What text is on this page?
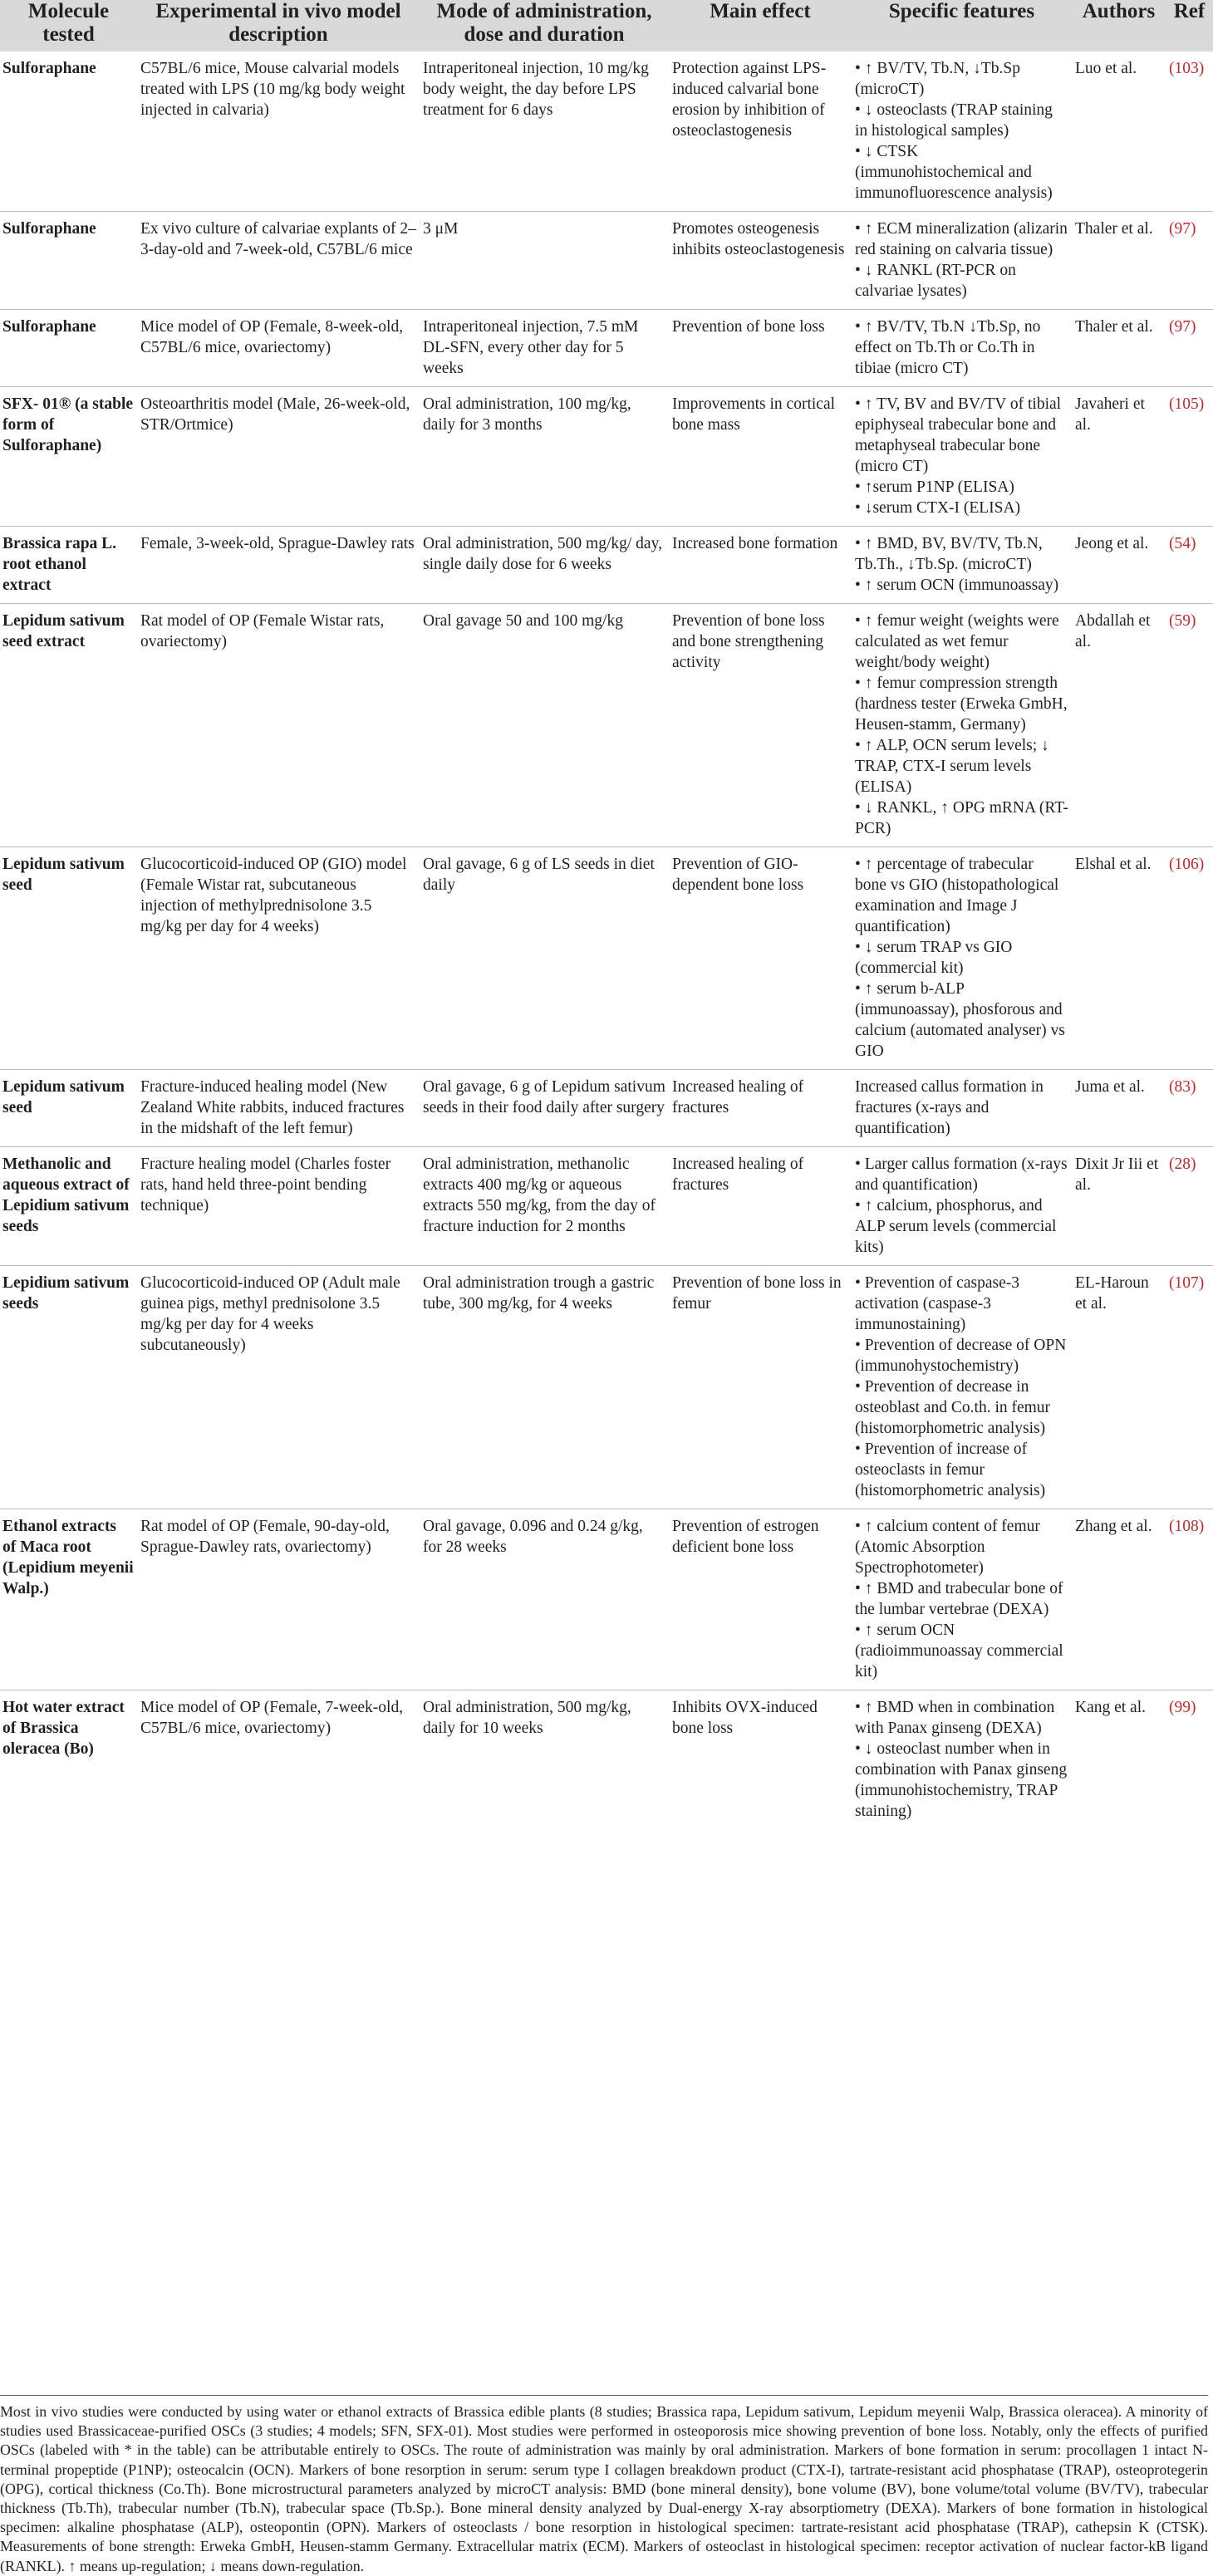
Molecule tested	Experimental in vivo model description	Mode of administration, dose and duration	Main effect	Specific features	Authors	Ref
Sulforaphane	C57BL/6 mice, Mouse calvarial models treated with LPS (10 mg/kg body weight injected in calvaria)	Intraperitoneal injection, 10 mg/kg body weight, the day before LPS treatment for 6 days	Protection against LPS-induced calvarial bone erosion by inhibition of osteoclastogenesis	• ↑ BV/TV, Tb.N, ↓Tb.Sp (microCT)
• ↓ osteoclasts (TRAP staining in histological samples)
• ↓ CTSK (immunohistochemical and immunofluorescence analysis)	Luo et al.	(103)
Sulforaphane	Ex vivo culture of calvariae explants of 2–3-day-old and 7-week-old, C57BL/6 mice	3 μM	Promotes osteogenesis inhibits osteoclastogenesis	• ↑ ECM mineralization (alizarin red staining on calvaria tissue)
• ↓ RANKL (RT-PCR on calvariae lysates)	Thaler et al.	(97)
Sulforaphane	Mice model of OP (Female, 8-week-old, C57BL/6 mice, ovariectomy)	Intraperitoneal injection, 7.5 mM DL-SFN, every other day for 5 weeks	Prevention of bone loss	• ↑ BV/TV, Tb.N ↓Tb.Sp, no effect on Tb.Th or Co.Th in tibiae (micro CT)	Thaler et al.	(97)
SFX- 01® (a stable form of Sulforaphane)	Osteoarthritis model (Male, 26-week-old, STR/Ortmice)	Oral administration, 100 mg/kg, daily for 3 months	Improvements in cortical bone mass	• ↑ TV, BV and BV/TV of tibial epiphyseal trabecular bone and metaphyseal trabecular bone (micro CT)
• ↑serum P1NP (ELISA)
• ↓serum CTX-I (ELISA)	Javaheri et al.	(105)
Brassica rapa L. root ethanol extract	Female, 3-week-old, Sprague-Dawley rats	Oral administration, 500 mg/kg/ day, single daily dose for 6 weeks	Increased bone formation	• ↑ BMD, BV, BV/TV, Tb.N, Tb.Th., ↓Tb.Sp. (microCT)
• ↑ serum OCN (immunoassay)	Jeong et al.	(54)
Lepidum sativum seed extract	Rat model of OP (Female Wistar rats, ovariectomy)	Oral gavage 50 and 100 mg/kg	Prevention of bone loss and bone strengthening activity	• ↑ femur weight (weights were calculated as wet femur weight/body weight)
• ↑ femur compression strength (hardness tester (Erweka GmbH, Heusen-stamm, Germany)
• ↑ ALP, OCN serum levels; ↓ TRAP, CTX-I serum levels (ELISA)
• ↓ RANKL, ↑ OPG mRNA (RT-PCR)	Abdallah et al.	(59)
Lepidum sativum seed	Glucocorticoid-induced OP (GIO) model (Female Wistar rat, subcutaneous injection of methylprednisolone 3.5 mg/kg per day for 4 weeks)	Oral gavage, 6 g of LS seeds in diet daily	Prevention of GIO-dependent bone loss	• ↑ percentage of trabecular bone vs GIO (histopathological examination and Image J quantification)
• ↓ serum TRAP vs GIO (commercial kit)
• ↑ serum b-ALP (immunoassay), phosforous and calcium (automated analyser) vs GIO	Elshal et al.	(106)
Lepidum sativum seed	Fracture-induced healing model (New Zealand White rabbits, induced fractures in the midshaft of the left femur)	Oral gavage, 6 g of Lepidum sativum seeds in their food daily after surgery	Increased healing of fractures	Increased callus formation in fractures (x-rays and quantification)	Juma et al.	(83)
Methanolic and aqueous extract of Lepidium sativum seeds	Fracture healing model (Charles foster rats, hand held three-point bending technique)	Oral administration, methanolic extracts 400 mg/kg or aqueous extracts 550 mg/kg, from the day of fracture induction for 2 months	Increased healing of fractures	• Larger callus formation (x-rays and quantification)
• ↑ calcium, phosphorus, and ALP serum levels (commercial kits)	Dixit Jr Iii et al.	(28)
Lepidium sativum seeds	Glucocorticoid-induced OP (Adult male guinea pigs, methyl prednisolone 3.5 mg/kg per day for 4 weeks subcutaneously)	Oral administration trough a gastric tube, 300 mg/kg, for 4 weeks	Prevention of bone loss in femur	• Prevention of caspase-3 activation (caspase-3 immunostaining)
• Prevention of decrease of OPN (immunohystochemistry)
• Prevention of decrease in osteoblast and Co.th. in femur (histomorphometric analysis)
• Prevention of increase of osteoclasts in femur (histomorphometric analysis)	EL-Haroun et al.	(107)
Ethanol extracts of Maca root (Lepidium meyenii Walp.)	Rat model of OP (Female, 90-day-old, Sprague-Dawley rats, ovariectomy)	Oral gavage, 0.096 and 0.24 g/kg, for 28 weeks	Prevention of estrogen deficient bone loss	• ↑ calcium content of femur (Atomic Absorption Spectrophotometer)
• ↑ BMD and trabecular bone of the lumbar vertebrae (DEXA)
• ↑ serum OCN (radioimmunoassay commercial kit)	Zhang et al.	(108)
Hot water extract of Brassica oleracea (Bo)	Mice model of OP (Female, 7-week-old, C57BL/6 mice, ovariectomy)	Oral administration, 500 mg/kg, daily for 10 weeks	Inhibits OVX-induced bone loss	• ↑ BMD when in combination with Panax ginseng (DEXA)
• ↓ osteoclast number when in combination with Panax ginseng (immunohistochemistry, TRAP staining)	Kang et al.	(99)
Most in vivo studies were conducted by using water or ethanol extracts of Brassica edible plants (8 studies; Brassica rapa, Lepidum sativum, Lepidum meyenii Walp, Brassica oleracea). A minority of studies used Brassicaceae-purified OSCs (3 studies; 4 models; SFN, SFX-01). Most studies were performed in osteoporosis mice showing prevention of bone loss. Notably, only the effects of purified OSCs (labeled with * in the table) can be attributable entirely to OSCs. The route of administration was mainly by oral administration. Markers of bone formation in serum: procollagen 1 intact N-terminal propeptide (P1NP); osteocalcin (OCN). Markers of bone resorption in serum: serum type I collagen breakdown product (CTX-I), tartrate-resistant acid phosphatase (TRAP), osteoprotegerin (OPG), cortical thickness (Co.Th). Bone microstructural parameters analyzed by microCT analysis: BMD (bone mineral density), bone volume (BV), bone volume/total volume (BV/TV), trabecular thickness (Tb.Th), trabecular number (Tb.N), trabecular space (Tb.Sp.). Bone mineral density analyzed by Dual-energy X-ray absorptiometry (DEXA). Markers of bone formation in histological specimen: alkaline phosphatase (ALP), osteopontin (OPN). Markers of osteoclasts / bone resorption in histological specimen: tartrate-resistant acid phosphatase (TRAP), cathepsin K (CTSK). Measurements of bone strength: Erweka GmbH, Heusen-stamm Germany. Extracellular matrix (ECM). Markers of osteoclast in histological specimen: receptor activation of nuclear factor-kB ligand (RANKL). ↑ means up-regulation; ↓ means down-regulation.
